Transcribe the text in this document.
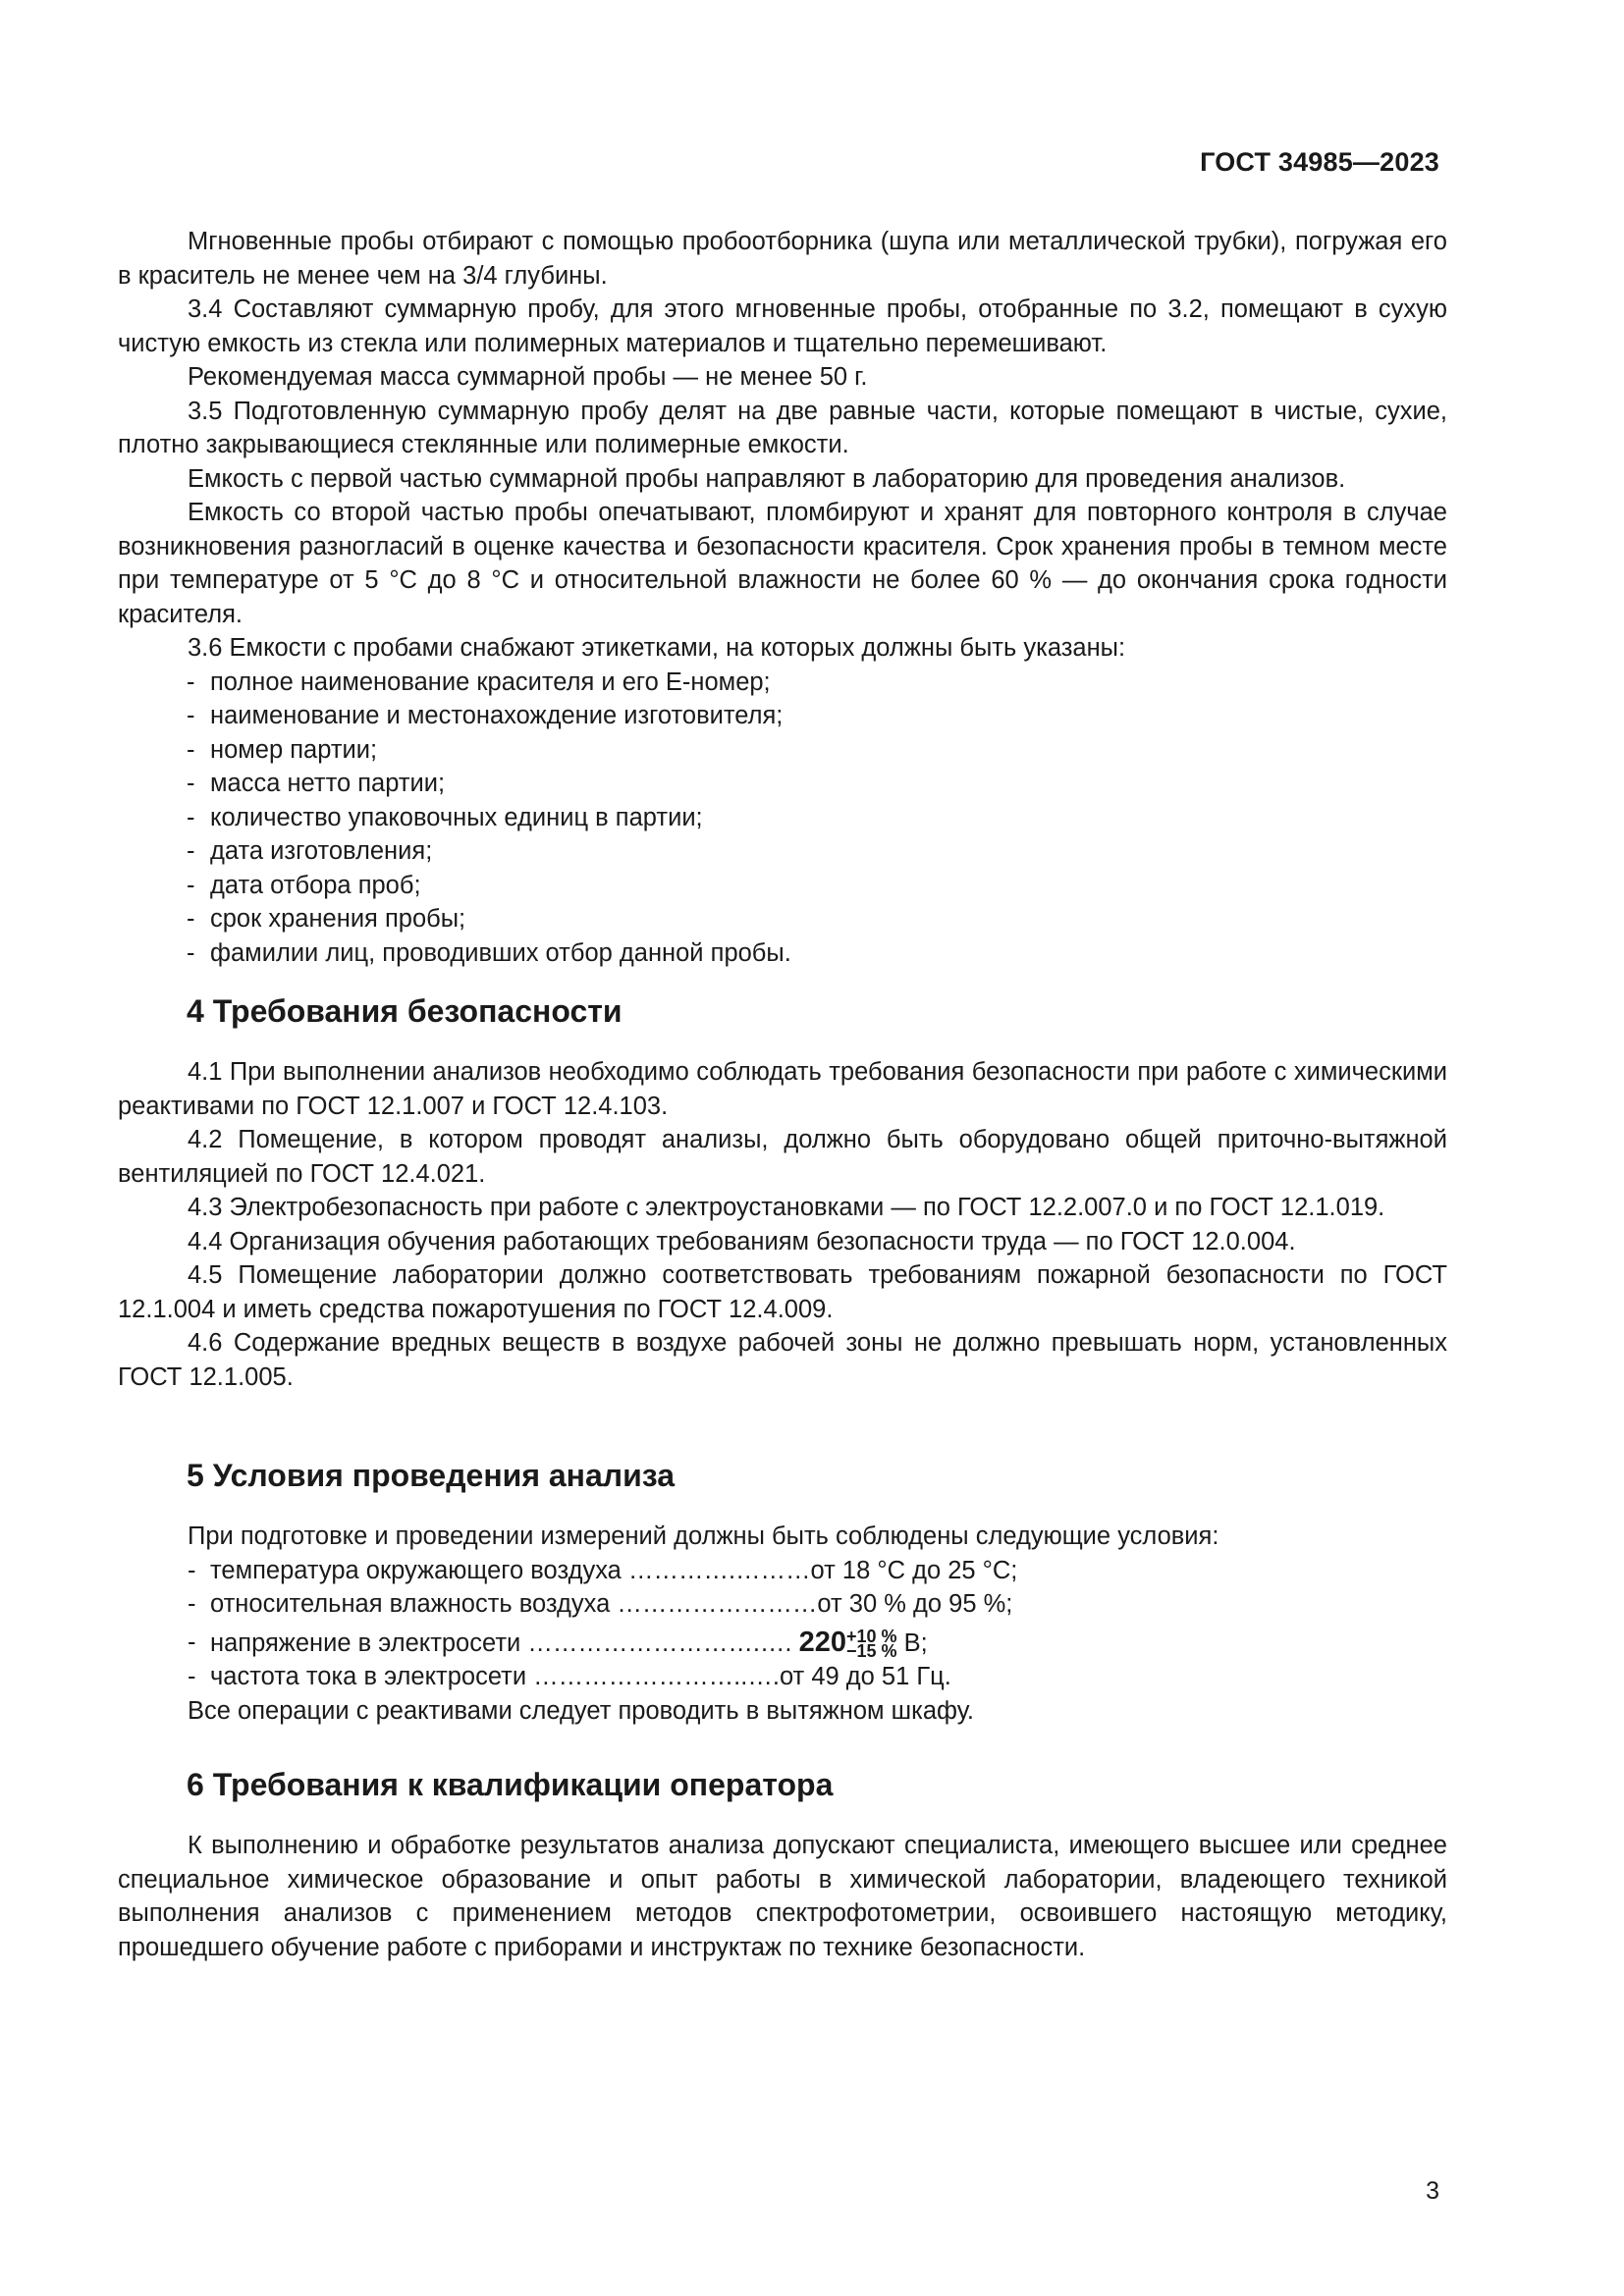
ГОСТ 34985—2023

Мгновенные пробы отбирают с помощью пробоотборника (шупа или металлической трубки), погружая его в краситель не менее чем на 3/4 глубины.

3.4 Составляют суммарную пробу, для этого мгновенные пробы, отобранные по 3.2, помещают в сухую чистую емкость из стекла или полимерных материалов и тщательно перемешивают.

Рекомендуемая масса суммарной пробы — не менее 50 г.

3.5 Подготовленную суммарную пробу делят на две равные части, которые помещают в чистые, сухие, плотно закрывающиеся стеклянные или полимерные емкости.

Емкость с первой частью суммарной пробы направляют в лабораторию для проведения анализов.

Емкость со второй частью пробы опечатывают, пломбируют и хранят для повторного контроля в случае возникновения разногласий в оценке качества и безопасности красителя. Срок хранения пробы в темном месте при температуре от 5 °С до 8 °С и относительной влажности не более 60 % — до окончания срока годности красителя.

3.6 Емкости с пробами снабжают этикетками, на которых должны быть указаны:

- полное наименование красителя и его Е-номер;
- наименование и местонахождение изготовителя;
- номер партии;
- масса нетто партии;
- количество упаковочных единиц в партии;
- дата изготовления;
- дата отбора проб;
- срок хранения пробы;
- фамилии лиц, проводивших отбор данной пробы.
4 Требования безопасности

4.1 При выполнении анализов необходимо соблюдать требования безопасности при работе с химическими реактивами по ГОСТ 12.1.007 и ГОСТ 12.4.103.

4.2 Помещение, в котором проводят анализы, должно быть оборудовано общей приточно-вытяжной вентиляцией по ГОСТ 12.4.021.

4.3 Электробезопасность при работе с электроустановками — по ГОСТ 12.2.007.0 и по ГОСТ 12.1.019.

4.4 Организация обучения работающих требованиям безопасности труда — по ГОСТ 12.0.004.

4.5 Помещение лаборатории должно соответствовать требованиям пожарной безопасности по ГОСТ 12.1.004 и иметь средства пожаротушения по ГОСТ 12.4.009.

4.6 Содержание вредных веществ в воздухе рабочей зоны не должно превышать норм, установленных ГОСТ 12.1.005.

5 Условия проведения анализа

При подготовке и проведении измерений должны быть соблюдены следующие условия:

- температура окружающего воздуха ………….………от 18 °С до 25 °С;
- относительная влажность воздуха ……………………от 30 % до 95 %;
- напряжение в электросети ……………………….…. 220 +10 %
−15 % В;
- частота тока в электросети ……………………..….от 49 до 51 Гц.

Все операции с реактивами следует проводить в вытяжном шкафу.

6 Требования к квалификации оператора

К выполнению и обработке результатов анализа допускают специалиста, имеющего высшее или среднее специальное химическое образование и опыт работы в химической лаборатории, владеющего техникой выполнения анализов с применением методов спектрофотометрии, освоившего настоящую методику, прошедшего обучение работе с приборами и инструктаж по технике безопасности.

3
